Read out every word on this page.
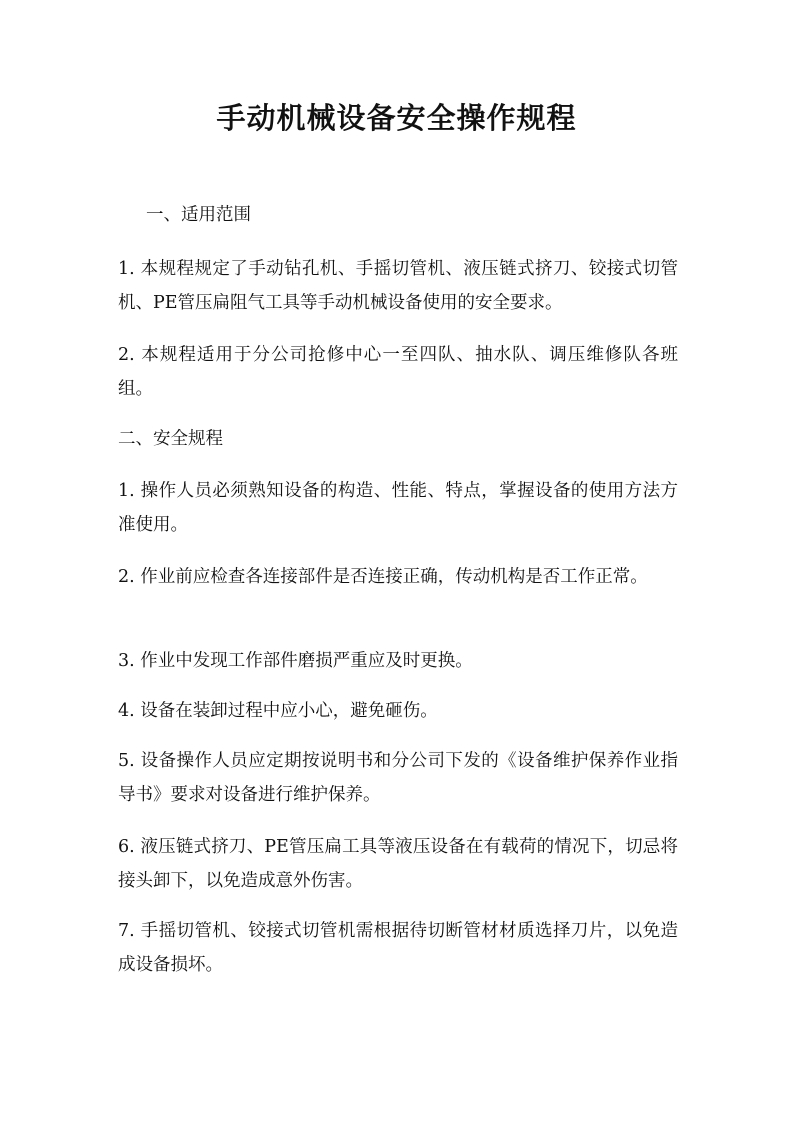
手动机械设备安全操作规程

一、适用范围

1. 本规程规定了手动钻孔机、手摇切管机、液压链式挤刀、铰接式切管机、PE管压扁阻气工具等手动机械设备使用的安全要求。

2. 本规程适用于分公司抢修中心一至四队、抽水队、调压维修队各班组。

二、安全规程

1. 操作人员必须熟知设备的构造、性能、特点，掌握设备的使用方法方准使用。

2. 作业前应检查各连接部件是否连接正确，传动机构是否工作正常。

3. 作业中发现工作部件磨损严重应及时更换。

4. 设备在装卸过程中应小心，避免砸伤。

5. 设备操作人员应定期按说明书和分公司下发的《设备维护保养作业指导书》要求对设备进行维护保养。

6. 液压链式挤刀、PE管压扁工具等液压设备在有载荷的情况下，切忌将接头卸下，以免造成意外伤害。

7. 手摇切管机、铰接式切管机需根据待切断管材材质选择刀片，以免造成设备损坏。
